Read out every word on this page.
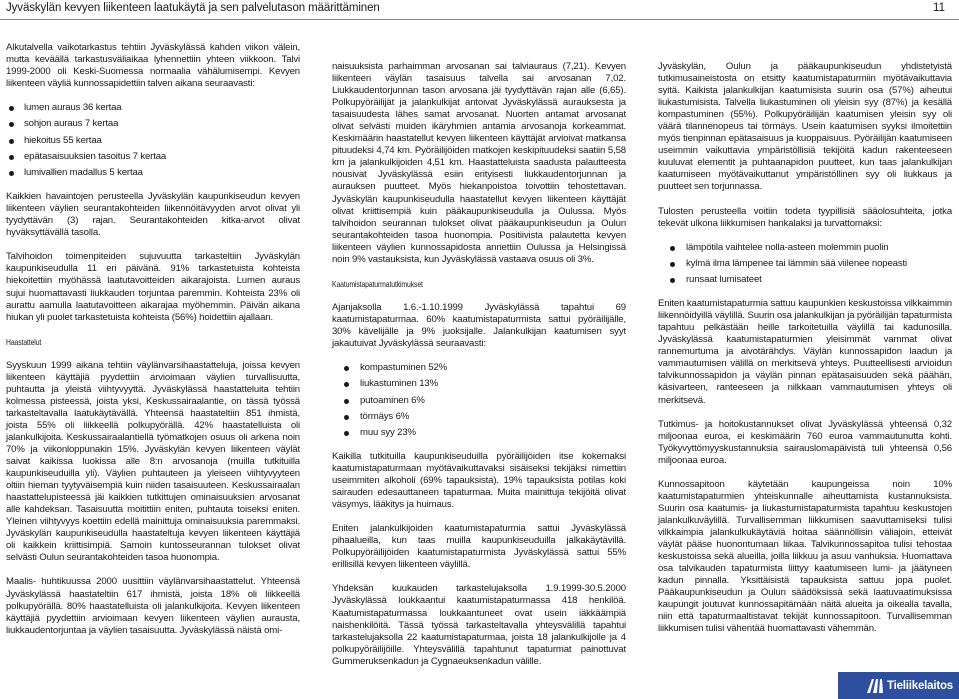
Jyväskylän kevyen liikenteen laatukäytä ja sen palvelutason määrittäminen	11

Alkutalvella vaikotarkastus tehtiin Jyväskylässä kahden viikon välein, mutta keväällä tarkastusväliaikaa lyhennettiin yhteen viikkoon. Talvi 1999-2000 oli Keski-Suomessa normaalia vähälumisempi. Kevyen liikenteen väyliä kunnossapidettiin talven aikana seuraavasti:

lumen auraus 36 kertaa
sohjon auraus 7 kertaa
hiekoitus 55 kertaa
epätasaisuuksien tasoitus 7 kertaa
lumivallien madallus 5 kertaa

Kaikkien havaintojen perusteella Jyväskylän kaupunkiseudun kevyen liikenteen väylien seurantakohteiden liikennöitävyyden arvot olivat yli tyydyttävän (3) rajan. Seurantakohteiden kitka-arvot olivat hyväksyttävällä tasolla.

Talvihoidon toimenpiteiden sujuvuutta tarkasteltiin Jyväskylän kaupunkiseudulla 11 eri päivänä. 91% tarkastetuista kohteista hiekoitettiin myöhässä laatutavoitteiden aikarajoista. Lumen auraus sujui huomattavasti liukkauden torjuntaa paremmin. Kohteista 23% oli aurattu aamulla laatutavoitteen aikarajaa myöhemmin. Päivän aikana hiukan yli puolet tarkastetuista kohteista (56%) hoidettiin ajallaan.

Haastattelut

Syyskuun 1999 aikana tehtiin väylänvarsihaastatteluja, joissa kevyen liikenteen käyttäjiä pyydettiin arvioimaan väylien turvallisuutta, puhtautta ja yleistä viihtyvyyttä. Jyväskylässä haastatteluita tehtiin kolmessa pisteessä, joista yksi, Keskussairaalantie, on tässä työssä tarkasteltavalla laatukäytävällä. Yhteensä haastateltiin 851 ihmistä, joista 55% oli liikkeellä polkupyörällä. 42% haastatelluista oli jalankulkijoita. Keskussairaalantiellä työmatkojen osuus oli arkena noin 70% ja viikonloppunakin 15%. Jyväskylän kevyen liikenteen väylät saivat kaikissa luokissa alle 8:n arvosanoja (muilla tutkituilla kaupunkiseuduilla yli). Väylien puhtauteen ja yleiseen viihtyvyyteen oltiin hieman tyytyväisempiä kuin niiden tasaisuuteen. Keskussairaalan haastattelupisteessä jäi kaikkien tutkittujen ominaisuuksien arvosanat alle kahdeksan. Tasaisuutta moitittiin eniten, puhtauta toiseksi eniten. Yleinen viihtyvyys koettiin edellä mainittuja ominaisuuksia paremmaksi. Jyväskylän kaupunkiseudulla haastateltuja kevyen liikenteen käyttäjiä oli kaikkein kriittisimpiä. Samoin kuntosseurannan tulokset olivat selvästi Oulun seurantakohteiden tasoa huonompia.

Maalis- huhtikuussa 2000 uusittiin väylänvarsihaastattelut. Yhteensä Jyväskylässä haastateltiin 617 ihmistä, joista 18% oli liikkeellä polkupyörällä. 80% haastatelluista oli jalankulkijoita. Kevyen liikenteen käyttäjiä pyydettiin arvioimaan kevyen liikenteen väylien aurausta, liukkaudentorjuntaa ja väylien tasaisuutta. Jyväskylässä näistä omi-

naisuuksista parhaimman arvosanan sai talviauraus (7,21). Kevyen liikenteen väylän tasaisuus talvella sai arvosanan 7,02. Liukkaudentorjunnan tason arvosana jäi tyydyttävän rajan alle (6,65). Polkupyöräilijät ja jalankulkijat antoivat Jyväskylässä aurauksesta ja tasaisuudesta lähes samat arvosanat. Nuorten antamat arvosanat olivat selvästi muiden ikäryhmien antamia arvosanoja korkeammat. Keskimäärin haastatellut kevyen liikenteen käyttäjät arvioivat matkansa pituudeksi 4,74 km. Pyöräilijöiden matkojen keskipituudeksi saatiin 5,58 km ja jalankulkijoiden 4,51 km. Haastatteluista saadusta palautteesta nousivat Jyväskylässä esiin erityisesti liukkaudentorjunnan ja aurauksen puutteet. Myös hiekanpoistoa toivottiin tehostettavan. Jyväskylän kaupunkiseudulla haastatellut kevyen liikenteen käyttäjät olivat kriittisempiä kuin pääkaupunkiseudulla ja Oulussa. Myös talvihoidon seurannan tulokset olivat pääkaupunkiseudun ja Oulun seurantakohteiden tasoa huonompia. Positiivista palautetta kevyen liikenteen väylien kunnossapidosta annettiin Oulussa ja Helsingissä noin 9% vastauksista, kun Jyväskylässä vastaava osuus oli 3%.

Kaatumistapaturmatutkimukset

Ajanjaksolla 1.6.-1.10.1999 Jyväskylässä tapahtui 69 kaatumistapaturmaa. 60% kaatumistapaturmista sattui pyöräilijälle, 30% kävelijälle ja 9% juoksijalle. Jalankulkijan kaatumisen syyt jakautuivat Jyväskylässä seuraavasti:

kompastuminen 52%
liukastuminen 13%
putoaminen 6%
törmäys 6%
muu syy 23%

Kaikilla tutkituilla kaupunkiseuduilla pyöräilijöiden itse kokemaksi kaatumistapaturmaan myötävaikuttavaksi sisäiseksi tekijäksi nimettiin useimmiten alkoholi (69% tapauksista). 19% tapauksista potilas koki sairauden edesauttaneen tapaturmaa. Muita mainittuja tekijöitä olivat väsymys, lääkitys ja huimaus.

Eniten jalankulkijoiden kaatumistapaturmia sattui Jyväskylässä pihaalueilla, kun taas muilla kaupunkiseuduilla jalkakäytävillä. Polkupyöräilijöiden kaatumistapaturmista Jyväskylässä sattui 55% erillisillä kevyen liikenteen väylillä.

Yhdeksän kuukauden tarkastelujaksolla 1.9.1999-30.5.2000 Jyväskylässä loukkaantui kaatumistapaturmassa 418 henkilöä. Kaatumistapaturmassa loukkaantuneet ovat usein iäkkäämpiä naishenkilöitä. Tässä työssä tarkasteltavalla yhteysvälillä tapahtui tarkastelujaksolla 22 kaatumistapaturmaa, joista 18 jalankulkijolle ja 4 polkupyöräilijöille. Yhteysvälillä tapahtunut tapaturmat painottuvat Gummeruksenkadun ja Cygnaeuksenkadun välille.

Jyväskylän, Oulun ja pääkaupunkiseudun yhdistetyistä tutkimusaineistosta on etsitty kaatumistapaturmiin myötävaikuttavia syitä. Kaikista jalankulkijan kaatumisista suurin osa (57%) aiheutui liukastumisista. Talvella liukastuminen oli yleisin syy (87%) ja kesällä kompastuminen (55%). Polkupyöräilijän kaatumisen yleisin syy oli väärä tilannenopeus tai törmäys. Usein kaatumisen syyksi ilmoitettiin myös tienpinnan epätasaisuus ja kuoppaisuus. Pyöräilijän kaatumiseen useimmin vaikuttavia ympäristöllisiä tekijöitä kadun rakenteeseen kuuluvat elementit ja puhtaanapidon puutteet, kun taas jalankulkijan kaatumiseen myötävaikuttanut ympäristöllinen syy oli liukkaus ja puutteet sen torjunnassa.

Tulosten perusteella voitiin todeta tyypillisiä sääolosuhteita, jotka tekevät ulkona liikkumisen hankalaksi ja turvattomaksi:

lämpötila vaihtelee nolla-asteen molemmin puolin
kylmä ilma lämpenee tai lämmin sää viilenee nopeasti
runsaat lumisateet

Eniten kaatumistapaturmia sattuu kaupunkien keskustoissa vilkkaimmin liikennöidyillä väylillä. Suurin osa jalankulkijan ja pyöräilijän tapaturmista tapahtuu pelkästään heille tarkoitetuilla väylillä tai kadunosilla. Jyväskylässä kaatumistapaturmien yleisimmät vammat olivat rannemurtuma ja aivotärähdys. Väylän kunnossapidon laadun ja vammautumisen välillä on merkitsevä yhteys. Puutteellisesti arvioidun talvikunnossapidon ja väylän pinnan epätasaisuuden sekä päähän, käsivarteen, ranteeseen ja nilkkaan vammautumisen yhteys oli merkitsevä.

Tutkimus- ja hoitokustannukset olivat Jyväskylässä yhteensä 0,32 miljoonaa euroa, ei keskimäärin 760 euroa vammautunutta kohti. Työkyvyttömyyskustannuksia sairauslomapäivistä tuli yhteensä 0,56 miljoonaa euroa.

Kunnossapitoon käytetään kaupungeissa noin 10% kaatumistapaturmien yhteiskunnalle aiheuttamista kustannuksista. Suurin osa kaatumis- ja liukastumistapaturmista tapahtuu keskustojen jalankulkuväylillä. Turvallisemman liikkumisen saavuttamiseksi tulisi vilkkaimpia jalankulkukäytäviä hoitaa säännöllisin väliajoin, etteivät väylät pääse huonontumaan liikaa. Talvikunnossapitoa tulisi tehostaa keskustoissa sekä alueilla, joilla liikkuu ja asuu vanhuksia. Huomattava osa talvikauden tapaturmista liittyy kaatumiseen lumi- ja jäätyneen kadun pinnalla. Yksittäisistä tapauksista sattuu jopa puolet. Pääkaupunkiseudun ja Oulun säädöksissä sekä laatuvaatimuksissa kaupungit joutuvat kunnossapitämään näitä alueita ja oikealla tavalla, niin että tapaturmaaltistavat tekijät kunnossapitoon. Turvallisemman liikkumisen tulisi vähentää huomattavasti vähemmän.

Tieliikelaitos
